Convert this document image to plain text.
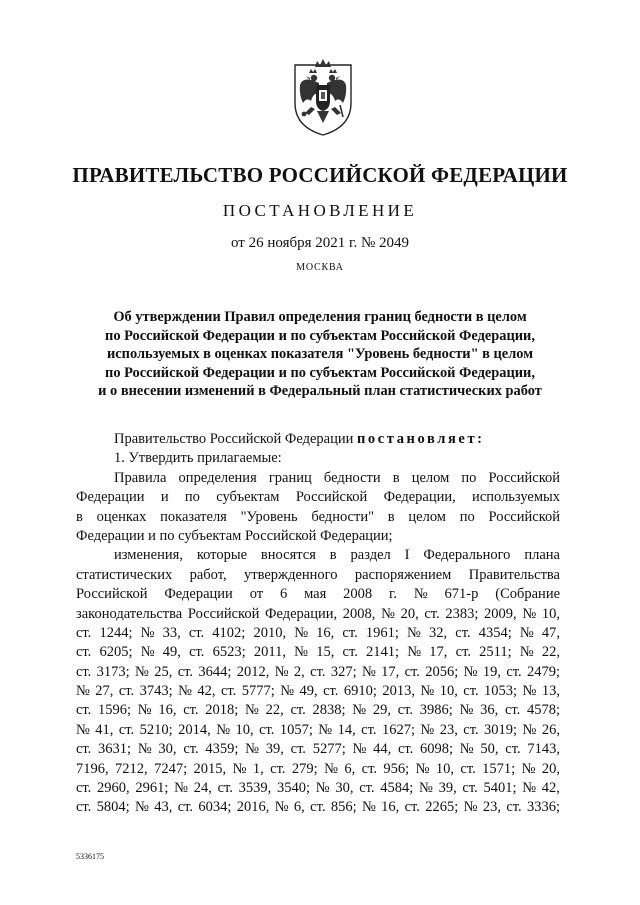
ПРАВИТЕЛЬСТВО РОССИЙСКОЙ ФЕДЕРАЦИИ
ПОСТАНОВЛЕНИЕ
от 26 ноября 2021 г. № 2049
МОСКВА
Об утверждении Правил определения границ бедности в целом
по Российской Федерации и по субъектам Российской Федерации,
используемых в оценках показателя "Уровень бедности" в целом
по Российской Федерации и по субъектам Российской Федерации,
и о внесении изменений в Федеральный план статистических работ
Правительство Российской Федерации постановляет:
1. Утвердить прилагаемые:
Правила определения границ бедности в целом по Российской
Федерации и по субъектам Российской Федерации, используемых
в оценках показателя "Уровень бедности" в целом по Российской
Федерации и по субъектам Российской Федерации;
изменения, которые вносятся в раздел I Федерального плана
статистических работ, утвержденного распоряжением Правительства
Российской Федерации от 6 мая 2008 г. № 671-р (Собрание
законодательства Российской Федерации, 2008, № 20, ст. 2383; 2009, № 10,
ст. 1244; № 33, ст. 4102; 2010, № 16, ст. 1961; № 32, ст. 4354; № 47,
ст. 6205; № 49, ст. 6523; 2011, № 15, ст. 2141; № 17, ст. 2511; № 22,
ст. 3173; № 25, ст. 3644; 2012, № 2, ст. 327; № 17, ст. 2056; № 19, ст. 2479;
№ 27, ст. 3743; № 42, ст. 5777; № 49, ст. 6910; 2013, № 10, ст. 1053; № 13,
ст. 1596; № 16, ст. 2018; № 22, ст. 2838; № 29, ст. 3986; № 36, ст. 4578;
№ 41, ст. 5210; 2014, № 10, ст. 1057; № 14, ст. 1627; № 23, ст. 3019; № 26,
ст. 3631; № 30, ст. 4359; № 39, ст. 5277; № 44, ст. 6098; № 50, ст. 7143,
7196, 7212, 7247; 2015, № 1, ст. 279; № 6, ст. 956; № 10, ст. 1571; № 20,
ст. 2960, 2961; № 24, ст. 3539, 3540; № 30, ст. 4584; № 39, ст. 5401; № 42,
ст. 5804; № 43, ст. 6034; 2016, № 6, ст. 856; № 16, ст. 2265; № 23, ст. 3336;
5336175
